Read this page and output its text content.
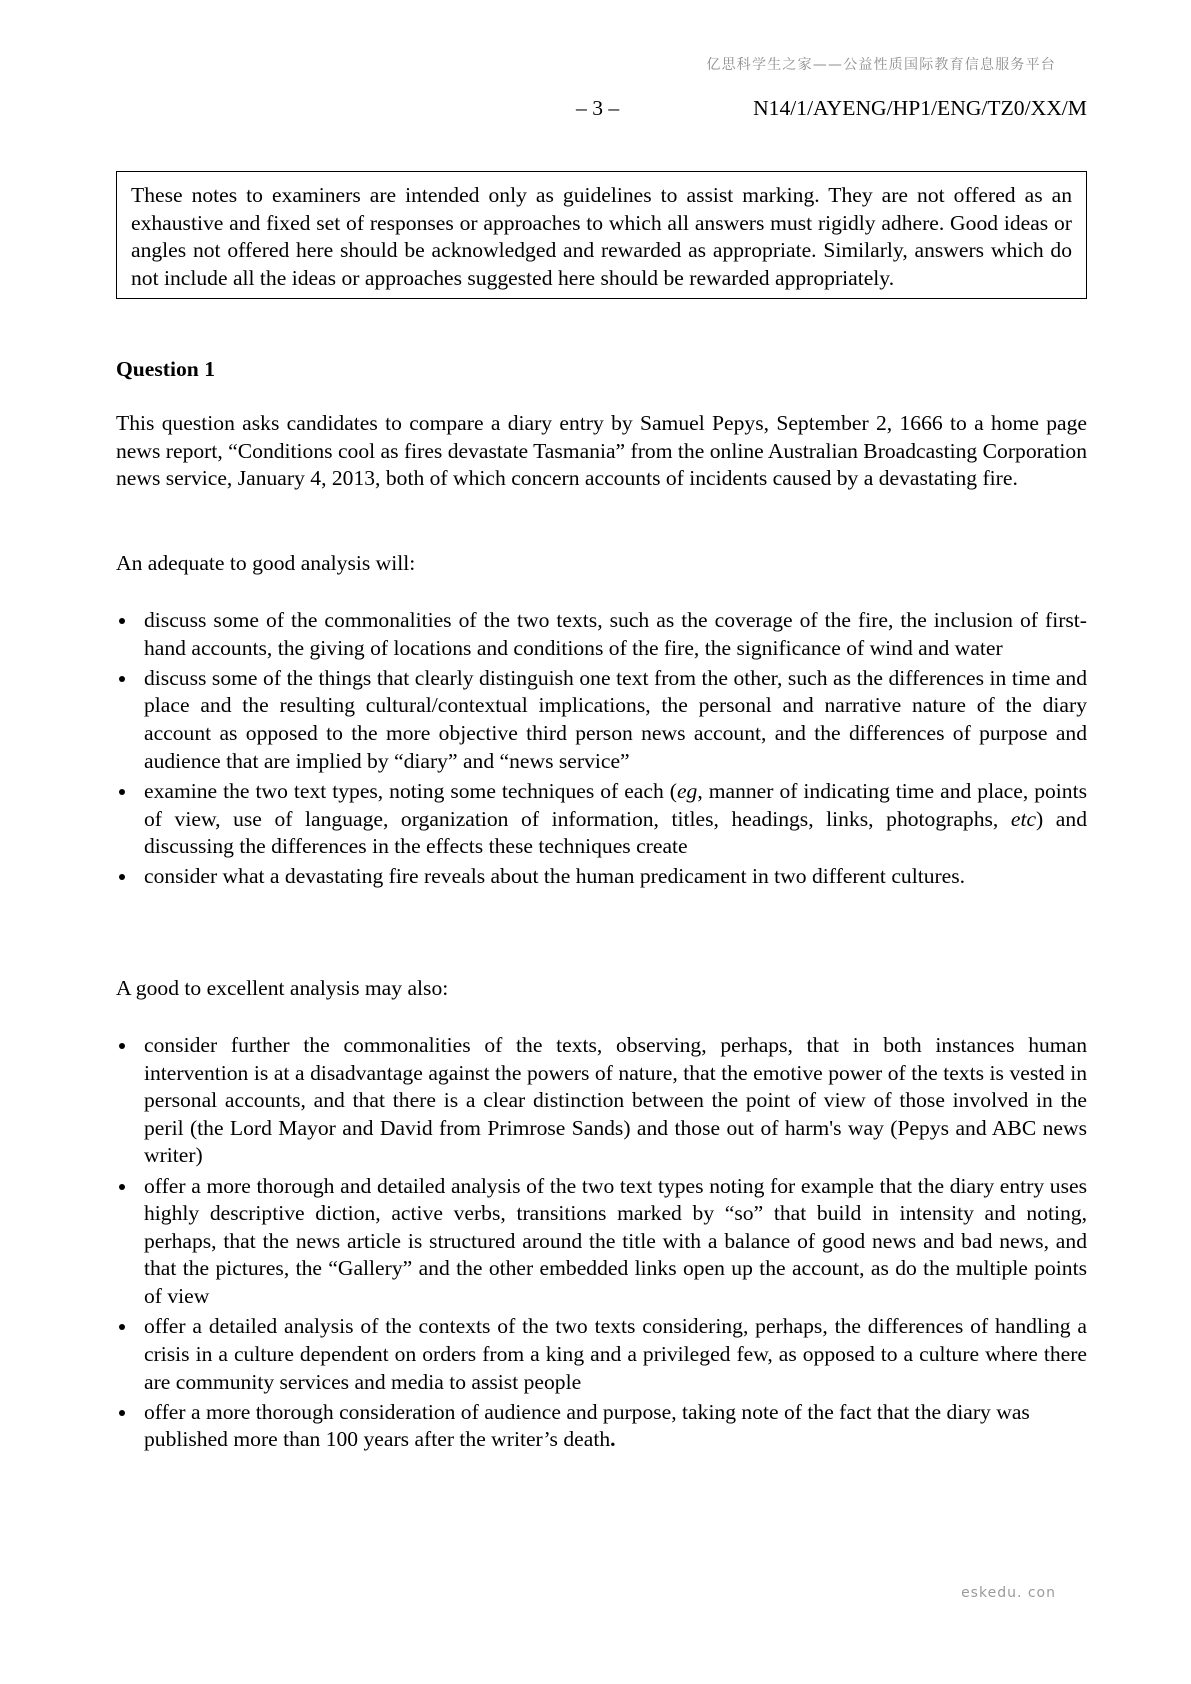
亿思科学生之家——公益性质国际教育信息服务平台
– 3 –	N14/1/AYENG/HP1/ENG/TZ0/XX/M
These notes to examiners are intended only as guidelines to assist marking. They are not offered as an exhaustive and fixed set of responses or approaches to which all answers must rigidly adhere. Good ideas or angles not offered here should be acknowledged and rewarded as appropriate. Similarly, answers which do not include all the ideas or approaches suggested here should be rewarded appropriately.
Question 1
This question asks candidates to compare a diary entry by Samuel Pepys, September 2, 1666 to a home page news report, “Conditions cool as fires devastate Tasmania” from the online Australian Broadcasting Corporation news service, January 4, 2013, both of which concern accounts of incidents caused by a devastating fire.
An adequate to good analysis will:
discuss some of the commonalities of the two texts, such as the coverage of the fire, the inclusion of first-hand accounts, the giving of locations and conditions of the fire, the significance of wind and water
discuss some of the things that clearly distinguish one text from the other, such as the differences in time and place and the resulting cultural/contextual implications, the personal and narrative nature of the diary account as opposed to the more objective third person news account, and the differences of purpose and audience that are implied by “diary” and “news service”
examine the two text types, noting some techniques of each (eg, manner of indicating time and place, points of view, use of language, organization of information, titles, headings, links, photographs, etc) and discussing the differences in the effects these techniques create
consider what a devastating fire reveals about the human predicament in two different cultures.
A good to excellent analysis may also:
consider further the commonalities of the texts, observing, perhaps, that in both instances human intervention is at a disadvantage against the powers of nature, that the emotive power of the texts is vested in personal accounts, and that there is a clear distinction between the point of view of those involved in the peril (the Lord Mayor and David from Primrose Sands) and those out of harm's way (Pepys and ABC news writer)
offer a more thorough and detailed analysis of the two text types noting for example that the diary entry uses highly descriptive diction, active verbs, transitions marked by “so” that build in intensity and noting, perhaps, that the news article is structured around the title with a balance of good news and bad news, and that the pictures, the “Gallery” and the other embedded links open up the account, as do the multiple points of view
offer a detailed analysis of the contexts of the two texts considering, perhaps, the differences of handling a crisis in a culture dependent on orders from a king and a privileged few, as opposed to a culture where there are community services and media to assist people
offer a more thorough consideration of audience and purpose, taking note of the fact that the diary was published more than 100 years after the writer’s death.
eskedu. con
